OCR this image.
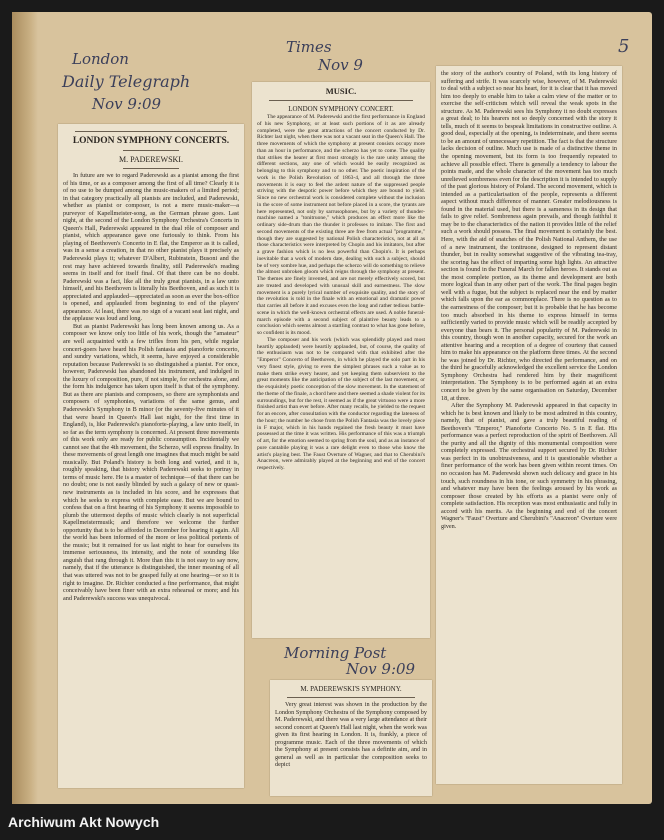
London
Daily Telegraph
Nov 9:09
Times
Nov 9
Morning Post
Nov 9:09
5

LONDON SYMPHONY CONCERTS.

M. PADEREWSKI.

In future are we to regard Paderewski as a pianist among the first of his time, or as a composer among the first of all time? Clearly it is of no use to be dumped among the music-makers of a limited period; in that category practically all pianists are included, and Paderewski, whether as pianist or composer, is not a mere music-maker—a purveyor of Kapellmeister-song, as the German phrase goes. Last night, at the second of the London Symphony Orchestra's Concerts in Queen's Hall, Paderewski appeared in the dual rôle of composer and pianist, which appearance gave one furiously to think. From his playing of Beethoven's Concerto in E flat, the Emperor as it is called, was in a sense a creation, in that no other pianist plays it precisely as Paderewski plays it; whatever D'Albert, Rubinstein, Busoni and the rest may have achieved towards finality, still Paderewski's reading seems in itself and for itself final. Of that there can be no doubt. Paderewski was a fact, like all the truly great pianists, in a law unto himself, and his Beethoven is literally his Beethoven, and as such it is appreciated and applauded—appreciated as soon as ever the box-office is opened, and applauded from beginning to end of the players' appearance. At least, there was no sign of a vacant seat last night, and the applause was loud and long.

But as pianist Paderewski has long been known among us. As a composer we know only too little of his work, though the "amateur" are well acquainted with a few trifles from his pen, while regular concert-goers have heard his Polish fantasia and pianoforte concerto, and sundry variations, which, it seems, have enjoyed a considerable reputation because Paderewski is so distinguished a pianist. For once, however, Paderewski has abandoned his instrument, and indulged in the luxury of composition, pure, if not simple, for orchestra alone, and the form his indulgence has taken upon itself is that of the symphony. But as there are pianists and composers, so there are symphonists and composers of symphonies, variations of the same genus, and Paderewski's Symphony in B minor (or the seventy-five minutes of it that were heard in Queen's Hall last night, for the first time in England), is, like Paderewski's pianoforte-playing, a law unto itself, in so far as the term symphony is concerned. At present three movements of this work only are ready for public consumption. Incidentally we cannot see that the 4th movement, the Scherzo, will express finality. In these movements of great length one imagines that much might be said musically. But Poland's history is both long and varied, and it is, roughly speaking, that history which Paderewski seeks to portray in terms of music here. He is a master of technique—of that there can be no doubt; one is not easily blinded by such a galaxy of new or quasi-new instruments as is included in his score, and he expresses that which he seeks to express with complete ease. But we are bound to confess that on a first hearing of his Symphony it seems impossible to plumb the uttermost depths of music which clearly is not superficial Kapellmeistermusik; and therefore we welcome the further opportunity that is to be afforded in December for hearing it again. All the world has been informed of the more or less political portents of the music; but it remained for us last night to hear for ourselves its immense seriousness, its intensity, and the note of sounding like anguish that rang through it. More than this it is not easy to say now, namely, that if the utterance is distinguished, the inner meaning of all that was uttered was not to be grasped fully at one hearing—or so it is right to imagine. Dr. Richter conducted a fine performance, that might conceivably have been finer with an extra rehearsal or more; and his and Paderewski's success was unequivocal.

MUSIC.

LONDON SYMPHONY CONCERT.

The appearance of M. Paderewski and the first performance in England of his new Symphony, or at least such portions of it as are already completed, were the great attractions of the concert conducted by Dr. Richter last night, when there was not a vacant seat in the Queen's Hall. The three movements of which the symphony at present consists occupy more than an hour in performance, and the scherzo has yet to come. The quality that strikes the hearer at first most strongly is the rare unity among the different sections, any one of which would be easily recognized as belonging to this symphony and to no other. The poetic inspiration of the work is the Polish Revolution of 1863-4, and all through the three movements it is easy to feel the ardent nature of the suppressed people striving with the despotic power before which they are bound to yield. Since no new orchestral work is considered complete without the inclusion in the score of some instrument not before placed in a score, the tyrants are here represented, not only by sarrusophones, but by a variety of thunder-machine named a "tonitruone," which produces an effect more like the ordinary side-drum than the thunder it professes to imitate. The first and second movements of the existing three are free from actual "programme," though they are suggested by national Polish characteristics, not at all as those characteristics were interpreted by Chopin and his imitators, but after a grave fashion which is no less powerful than Chopin's. It is perhaps inevitable that a work of modern date, dealing with such a subject, should be of very sombre hue, and perhaps the scherzo will do something to relieve the almost unbroken gloom which reigns through the symphony at present. The themes are finely invented, and are not merely effectively scored, but are treated and developed with unusual skill and earnestness. The slow movement is a purely lyrical number of exquisite quality, and the story of the revolution is told in the finale with an emotional and dramatic power that carries all before it and excuses even the long and rather tedious battle-scene in which the well-known orchestral effects are used. A noble funeral-march episode with a second subject of plaintive beauty leads to a conclusion which seems almost a startling contrast to what has gone before, so confident is its mood.

The composer and his work (which was splendidly played and most heartily applauded) were heartily applauded, but, of course, the quality of the enthusiasm was not to be compared with that exhibited after the "Emperor" Concerto of Beethoven, in which he played the solo part in his very finest style, giving to even the simplest phrases such a value as to make them strike every hearer, and yet keeping them subservient to the great moments like the anticipation of the subject of the last movement, or the exquisitely poetic conception of the slow movement. In the statement of the theme of the finale, a chord here and there seemed a shade violent for its surroundings, but for the rest, it seemed as if the great virtuoso were a more finished artist than ever before. After many recalls, he yielded to the request for an encore, after consultation with the conductor regarding the lateness of the hour; the number he chose from the Polish Fantasia was the lovely piece in F major, which in his hands regained the fresh beauty it must have possessed at the time it was written. His performance of this was a triumph of art, for the emotion seemed to spring from the soul, and as an instance of pure cantabile playing it was a rare delight even to those who know the artist's playing best. The Faust Overture of Wagner, and that to Cherubini's Anacreon, were admirably played at the beginning and end of the concert respectively.

M. PADEREWSKI'S SYMPHONY.

Very great interest was shown in the production by the London Symphony Orchestra of the Symphony composed by M. Paderewski, and there was a very large attendance at their second concert at Queen's Hall last night, when the work was given its first hearing in London. It is, frankly, a piece of programme music. Each of the three movements of which the Symphony at present consists has a definite aim, and in general as well as in particular the composition seeks to depict

the story of the author's country of Poland, with its long history of suffering and strife. It was scarcely wise, however, of M. Paderewski to deal with a subject so near his heart, for it is clear that it has moved him too deeply to enable him to take a calm view of the matter or to exercise the self-criticism which will reveal the weak spots in the structure. As M. Paderewski sees his Symphony it no doubt expresses a great deal; to his hearers not so deeply concerned with the story it tells, much of it seems to bespeak limitations in constructive outline. A good deal, especially at the opening, is indeterminate, and there seems to be an amount of unnecessary repetition. The fact is that the structure lacks decision of outline. Much use is made of a distinctive theme in the opening movement, but its form is too frequently repeated to achieve all possible effect. There is generally a tendency to labour the points made, and the whole character of the movement has too much unrelieved sombreness even for the description it is intended to supply of the past glorious history of Poland. The second movement, which is intended as a particularisation of the people, represents a different aspect without much difference of manner. Greater melodiousness is found in the material used, but there is a sameness in its design that fails to give relief. Sombreness again prevails, and though faithful it may be to the characteristics of the nation it provides little of the relief such a work should possess. The final movement is certainly the best. Here, with the aid of snatches of the Polish National Anthem, the use of a new instrument, the tonitruone, designed to represent distant thunder, but in reality somewhat suggestive of the vibrating tea-tray, the scoring has the effect of imparting some high lights. An attractive section is found in the Funeral March for fallen heroes. It stands out as the most complete portion, as its theme and development are both more logical than in any other part of the work. The final pages begin well with a fugue, but the subject is replaced near the end by matter which falls upon the ear as commonplace. There is no question as to the earnestness of the composer; but it is probable that he has become too much absorbed in his theme to express himself in terms sufficiently varied to provide music which will be readily accepted by everyone than bears it. The personal popularity of M. Paderewski in this country, though won in another capacity, secured for the work an attentive hearing and a reception of a degree of courtesy that caused him to make his appearance on the platform three times. At the second he was joined by Dr. Richter, who directed the performance, and on the third he gracefully acknowledged the excellent service the London Symphony Orchestra had rendered him by their magnificent interpretation. The Symphony is to be performed again at an extra concert to be given by the same organisation on Saturday, December 18, at three.

After the Symphony M. Paderewski appeared in that capacity in which he is best known and likely to be most admired in this country, namely, that of pianist, and gave a truly beautiful reading of Beethoven's "Emperor," Pianoforte Concerto No. 5 in E flat. His performance was a perfect reproduction of the spirit of Beethoven. All the purity and all the dignity of this monumental composition were completely expressed. The orchestral support secured by Dr. Richter was perfect in its unobtrusiveness, and it is questionable whether a finer performance of the work has been given within recent times. On no occasion has M. Paderewski shown such delicacy and grace in his touch, such roundness in his tone, or such symmetry in his phrasing, and whatever may have been the feelings aroused by his work as composer those created by his efforts as a pianist were only of complete satisfaction. His reception was most enthusiastic and fully in accord with his merits. As the beginning and end of the concert Wagner's "Faust" Overture and Cherubini's "Anacreon" Overture were given.

Archiwum Akt Nowych
